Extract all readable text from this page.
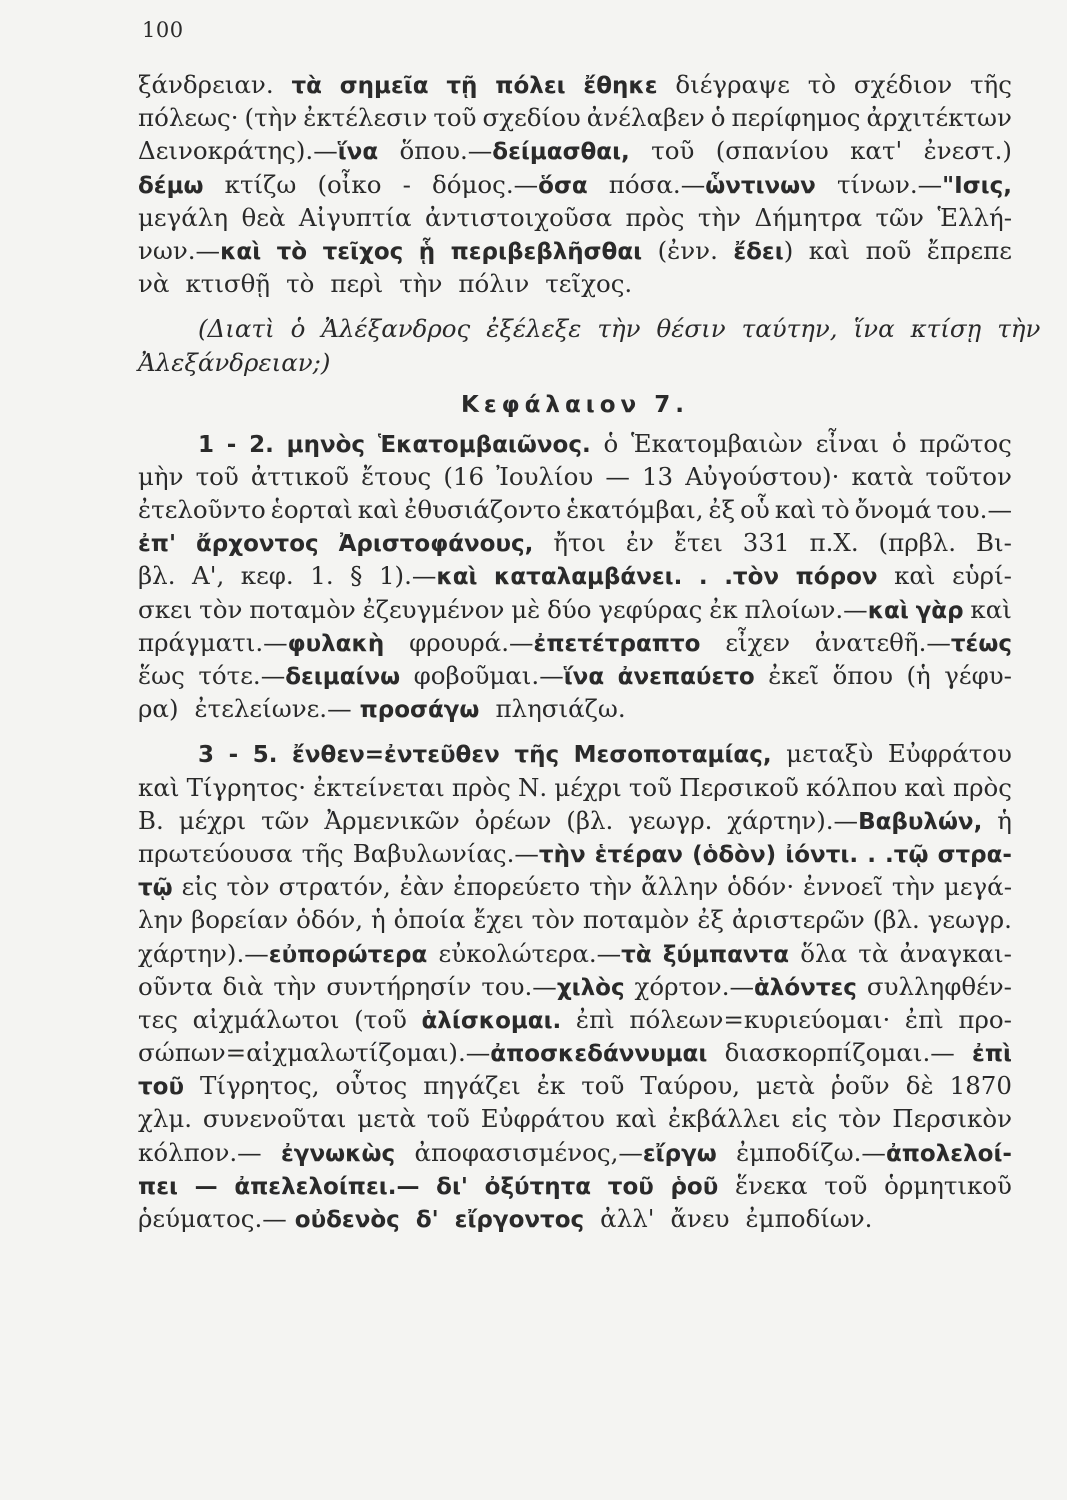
100
ξάνδρειαν. τὰ σημεῖα τῇ πόλει ἔθηκε διέγραψε τὸ σχέδιον τῆς
πόλεως· (τὴν ἐκτέλεσιν τοῦ σχεδίου ἀνέλαβεν ὁ περίφημος ἀρχιτέκτων
Δεινοκράτης).—ἵνα ὅπου.—δείμασθαι, τοῦ (σπανίου κατ' ἐνεστ.)
δέμω κτίζω (οἶκο - δόμος.—ὅσα πόσα.—ὧντινων τίνων.—"Ισις,
μεγάλη θεὰ Αἰγυπτία ἀντιστοιχοῦσα πρὸς τὴν Δήμητρα τῶν Ἑλλή-
νων.—καὶ τὸ τεῖχος ᾗ περιβεβλῆσθαι (ἐνν. ἔδει) καὶ ποῦ ἔπρεπε
νὰ κτισθῇ τὸ περὶ τὴν πόλιν τεῖχος.
(Διατὶ ὁ Ἀλέξανδρος ἐξέλεξε τὴν θέσιν ταύτην, ἵνα κτίσῃ τὴν
Ἀλεξάνδρειαν;)
Κεφάλαιον 7.
1 - 2. μηνὸς Ἑκατομβαιῶνος. ὁ Ἑκατομβαιὼν εἶναι ὁ πρῶτος
μὴν τοῦ ἀττικοῦ ἔτους (16 Ἰουλίου — 13 Αὐγούστου)· κατὰ τοῦτον
ἐτελοῦντο ἑορταὶ καὶ ἐθυσιάζοντο ἑκατόμβαι, ἐξ οὗ καὶ τὸ ὄνομά του.—
ἐπ' ἄρχοντος Ἀριστοφάνους, ἤτοι ἐν ἔτει 331 π.Χ. (πρβλ. Βι-
βλ. Α', κεφ. 1. § 1).—καὶ καταλαμβάνει. . .τὸν πόρον καὶ εὑρί-
σκει τὸν ποταμὸν ἐζευγμένον μὲ δύο γεφύρας ἐκ πλοίων.—καὶ γὰρ καὶ
πράγματι.—φυλακὴ φρουρά.—ἐπετέτραπτο εἶχεν ἀνατεθῆ.—τέως
ἕως τότε.—δειμαίνω φοβοῦμαι.—ἵνα ἀνεπαύετο ἐκεῖ ὅπου (ἡ γέφυ-
ρα) ἐτελείωνε.— προσάγω πλησιάζω.
3 - 5. ἔνθεν=ἐντεῦθεν τῆς Μεσοποταμίας, μεταξὺ Εὐφράτου
καὶ Τίγρητος· ἐκτείνεται πρὸς Ν. μέχρι τοῦ Περσικοῦ κόλπου καὶ πρὸς
Β. μέχρι τῶν Ἀρμενικῶν ὀρέων (βλ. γεωγρ. χάρτην).—Βαβυλών, ἡ
πρωτεύουσα τῆς Βαβυλωνίας.—τὴν ἑτέραν (ὁδὸν) ἰόντι. . .τῷ στρα-
τῷ εἰς τὸν στρατόν, ἐὰν ἐπορεύετο τὴν ἄλλην ὁδόν· ἐννοεῖ τὴν μεγά-
λην βορείαν ὁδόν, ἡ ὁποία ἔχει τὸν ποταμὸν ἐξ ἀριστερῶν (βλ. γεωγρ.
χάρτην).—εὐπορώτερα εὐκολώτερα.—τὰ ξύμπαντα ὅλα τὰ ἀναγκαι-
οῦντα διὰ τὴν συντήρησίν του.—χιλὸς χόρτον.—ἁλόντες συλληφθέν-
τες αἰχμάλωτοι (τοῦ ἁλίσκομαι. ἐπὶ πόλεων=κυριεύομαι· ἐπὶ προ-
σώπων=αἰχμαλωτίζομαι).—ἀποσκεδάννυμαι διασκορπίζομαι.— ἐπὶ
τοῦ Τίγρητος, οὗτος πηγάζει ἐκ τοῦ Ταύρου, μετὰ ῥοῦν δὲ 1870
χλμ. συνενοῦται μετὰ τοῦ Εὐφράτου καὶ ἐκβάλλει εἰς τὸν Περσικὸν
κόλπον.— ἐγνωκὼς ἀποφασισμένος,—εἴργω ἐμποδίζω.—ἀπολελοί-
πει — ἀπελελοίπει.— δι' ὀξύτητα τοῦ ῥοῦ ἕνεκα τοῦ ὁρμητικοῦ
ῥεύματος.— οὐδενὸς δ' εἴργοντος ἀλλ' ἄνευ ἐμποδίων.
